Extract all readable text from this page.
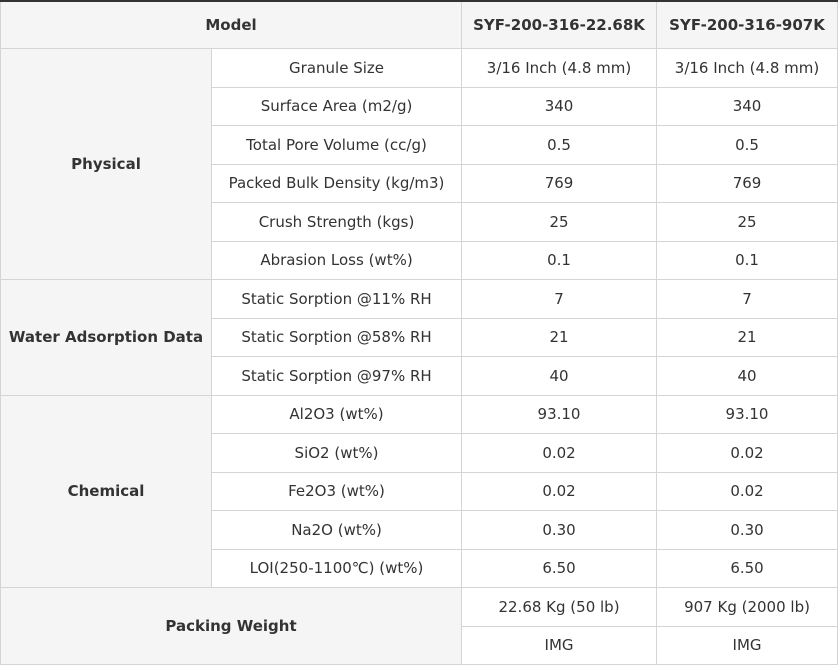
Model		SYF-200-316-22.68K	SYF-200-316-907K
Physical	Granule Size	3/16 Inch (4.8 mm)	3/16 Inch (4.8 mm)
	Surface Area (m2/g)	340	340
	Total Pore Volume (cc/g)	0.5	0.5
	Packed Bulk Density (kg/m3)	769	769
	Crush Strength (kgs)	25	25
	Abrasion Loss (wt%)	0.1	0.1
Water Adsorption Data	Static Sorption @11% RH	7	7
	Static Sorption @58% RH	21	21
	Static Sorption @97% RH	40	40
Chemical	Al2O3 (wt%)	93.10	93.10
	SiO2 (wt%)	0.02	0.02
	Fe2O3 (wt%)	0.02	0.02
	Na2O (wt%)	0.30	0.30
	LOI(250-1100℃) (wt%)	6.50	6.50
Packing Weight		22.68 Kg (50 lb)	907 Kg (2000 lb)
		IMG	IMG
